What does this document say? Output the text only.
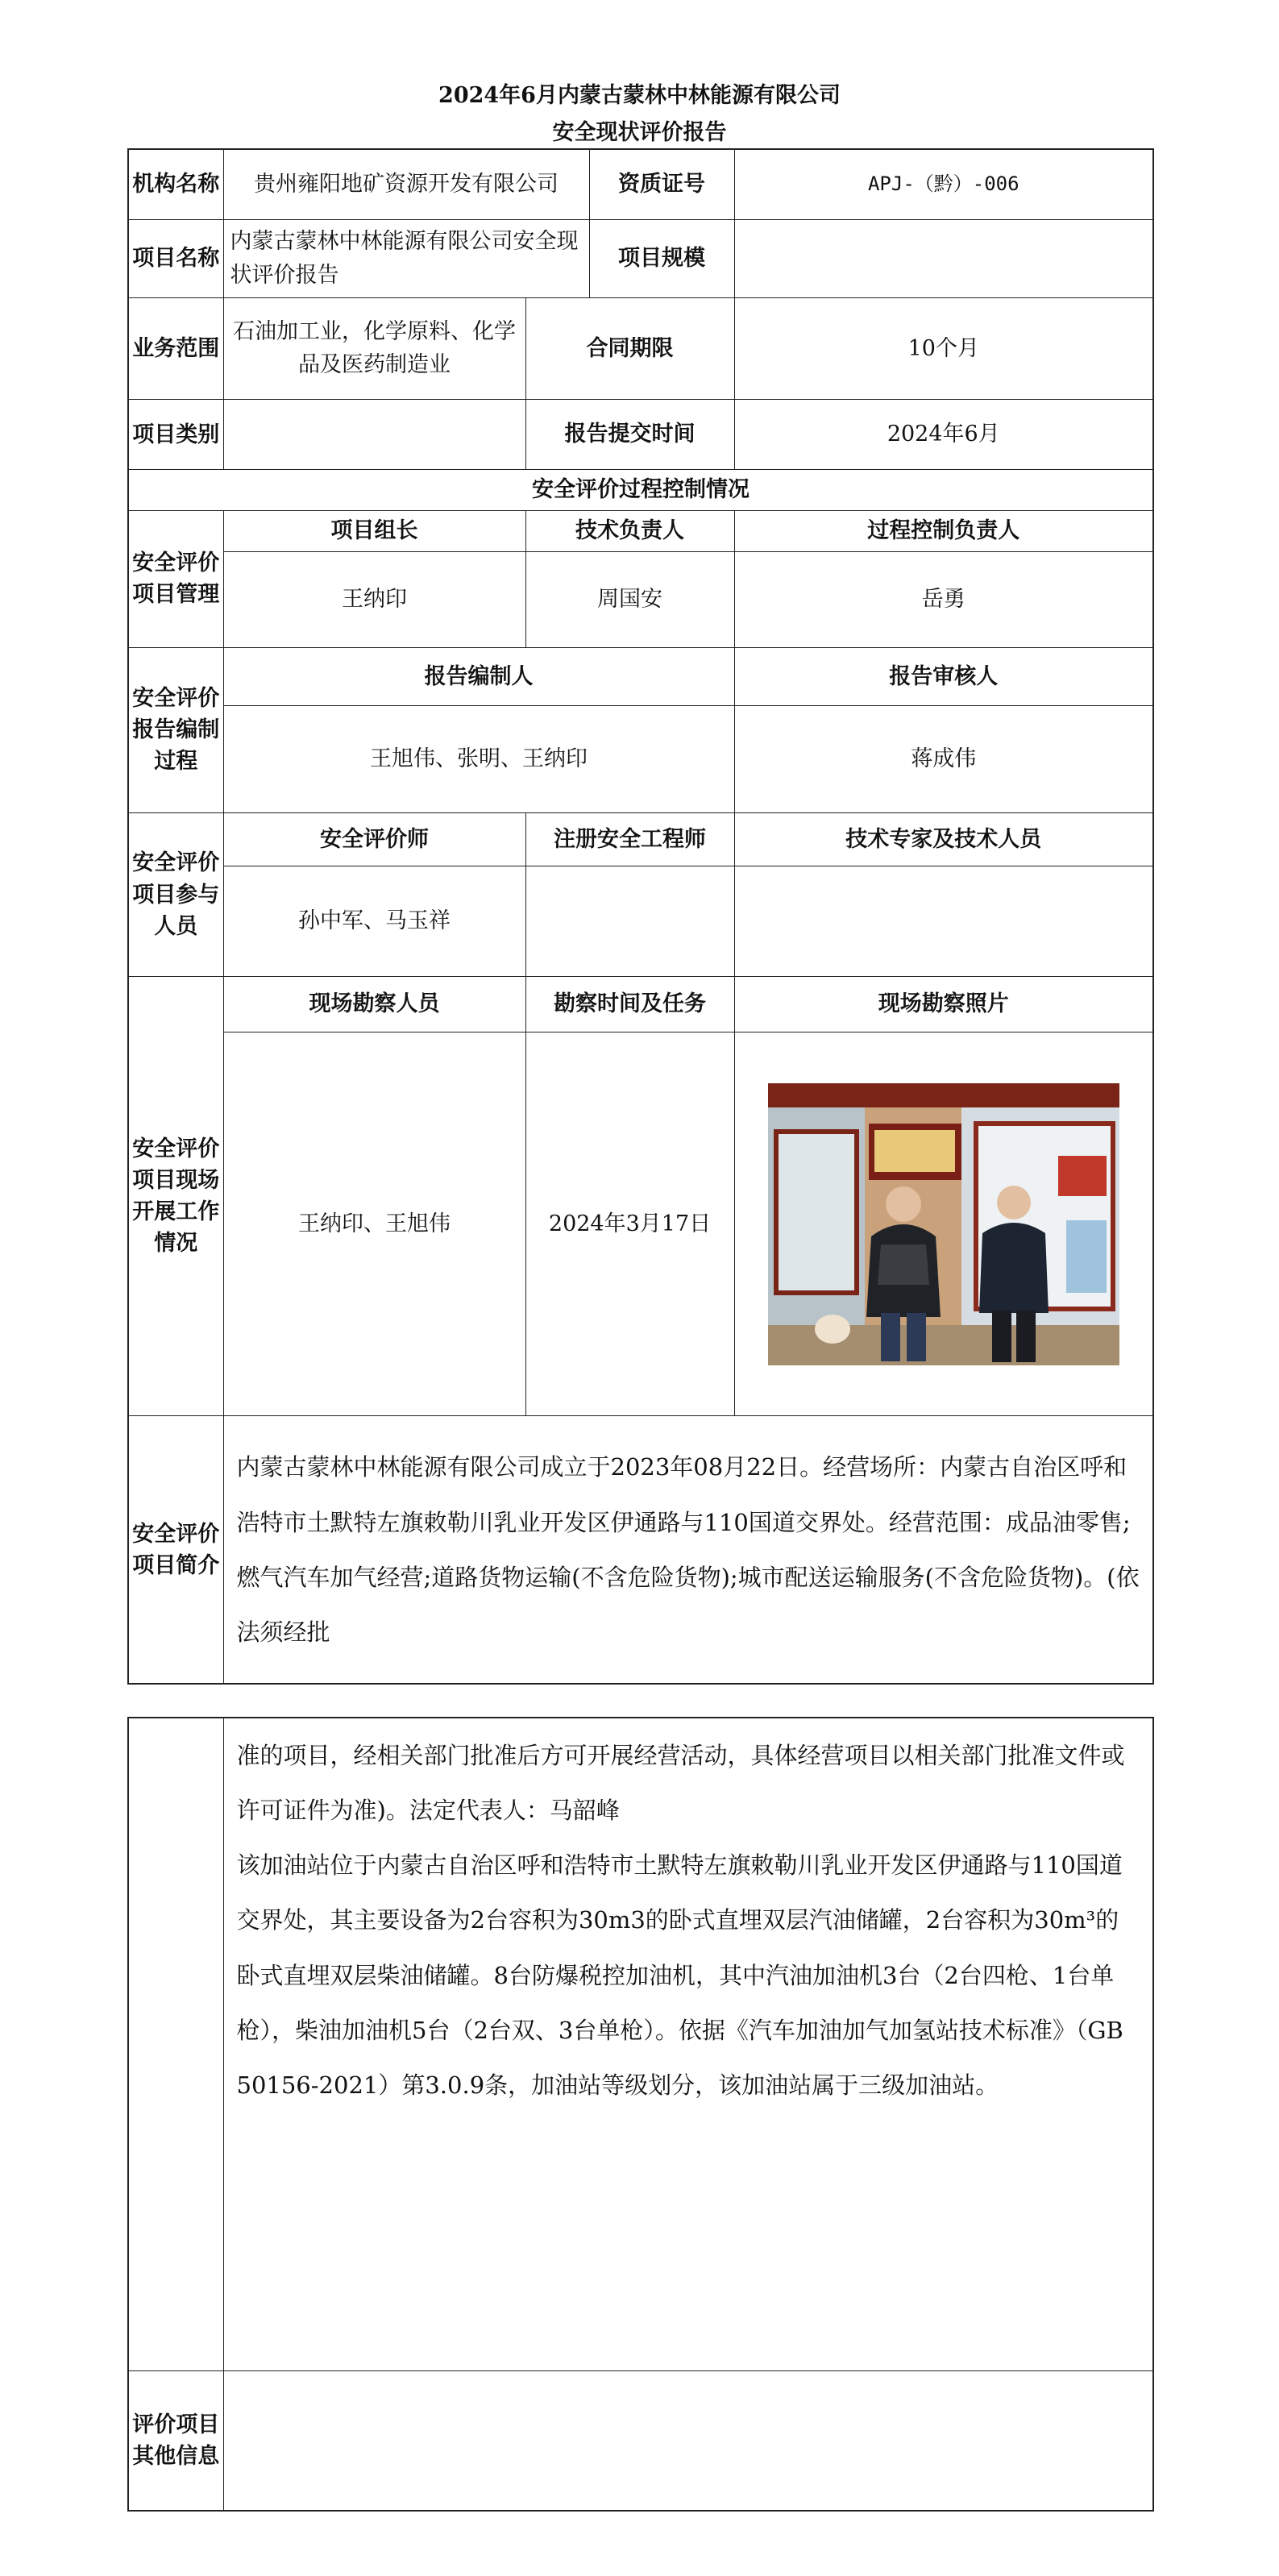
2024年6月内蒙古蒙林中林能源有限公司
安全现状评价报告
机构名称	贵州雍阳地矿资源开发有限公司		资质证号	APJ-（黔）-006
项目名称	内蒙古蒙林中林能源有限公司安全现状评价报告		项目规模	
业务范围	石油加工业，化学原料、化学品及医药制造业	合同期限		10个月
项目类别		报告提交时间		2024年6月
安全评价过程控制情况				
安全评价项目管理	项目组长	技术负责人		过程控制负责人
	王纳印	周国安		岳勇
安全评价报告编制过程	报告编制人			报告审核人
	王旭伟、张明、王纳印			蒋成伟
安全评价项目参与人员	安全评价师	注册安全工程师		技术专家及技术人员
	孙中军、马玉祥			
安全评价项目现场开展工作情况	现场勘察人员	勘察时间及任务		现场勘察照片
	王纳印、王旭伟	2024年3月17日	

安全评价项目简介	内蒙古蒙林中林能源有限公司成立于2023年08月22日。经营场所：内蒙古自治区呼和浩特市土默特左旗敕勒川乳业开发区伊通路与110国道交界处。经营范围：成品油零售;燃气汽车加气经营;道路货物运输(不含危险货物);城市配送运输服务(不含危险货物)。(依法须经批			

	准的项目，经相关部门批准后方可开展经营活动，具体经营项目以相关部门批准文件或许可证件为准)。法定代表人：马韶峰
该加油站位于内蒙古自治区呼和浩特市土默特左旗敕勒川乳业开发区伊通路与110国道交界处，其主要设备为2台容积为30m3的卧式直埋双层汽油储罐，2台容积为30m³的卧式直埋双层柴油储罐。8台防爆税控加油机，其中汽油加油机3台（2台四枪、1台单枪），柴油加油机5台（2台双、3台单枪）。依据《汽车加油加气加氢站技术标准》（GB 50156-2021）第3.0.9条，加油站等级划分，该加油站属于三级加油站。

评价项目其他信息	
